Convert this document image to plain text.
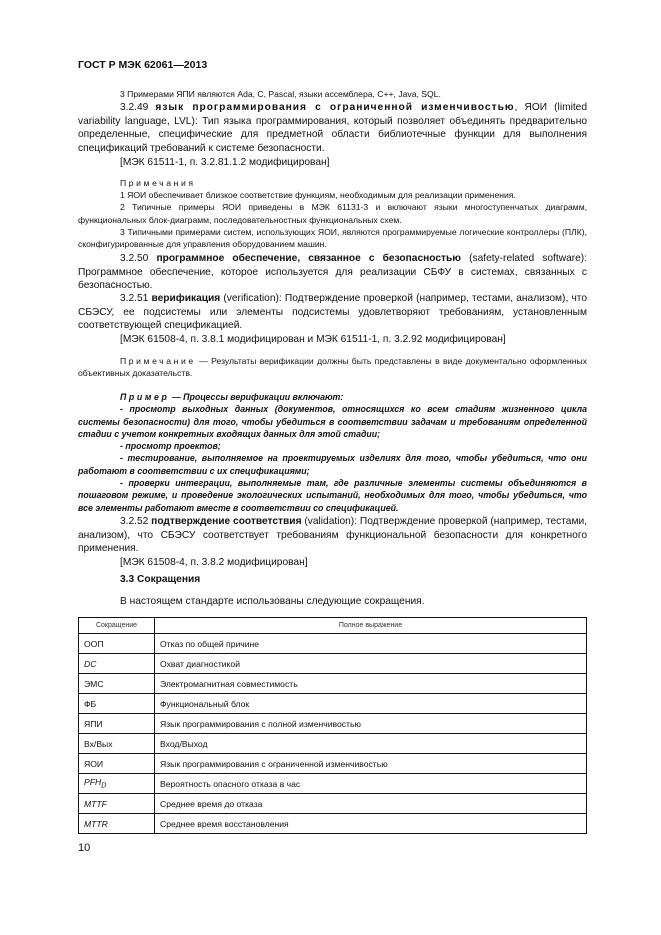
ГОСТ Р МЭК 62061—2013

3 Примерами ЯПИ являются Ada, C, Pascal, языки ассемблера, C++, Java, SQL.

3.2.49 язык программирования с ограниченной изменчивостью, ЯОИ (limited variability language, LVL): Тип языка программирования, который позволяет объединять предварительно определенные, специфические для предметной области библиотечные функции для выполнения спецификаций требований к системе безопасности.

[МЭК 61511-1, п. 3.2.81.1.2 модифицирован]

Примечания

1 ЯОИ обеспечивает близкое соответствие функциям, необходимым для реализации применения.

2 Типичные примеры ЯОИ приведены в МЭК 61131-3 и включают языки многоступенчатых диаграмм, функциональных блок-диаграмм, последовательностных функциональных схем.

3 Типичными примерами систем, использующих ЯОИ, являются программируемые логические контроллеры (ПЛК), сконфигурированные для управления оборудованием машин.

3.2.50 программное обеспечение, связанное с безопасностью (safety-related software): Программное обеспечение, которое используется для реализации СБФУ в системах, связанных с безопасностью.

3.2.51 верификация (verification): Подтверждение проверкой (например, тестами, анализом), что СБЭСУ, ее подсистемы или элементы подсистемы удовлетворяют требованиям, установленным соответствующей спецификацией.

[МЭК 61508-4, п. 3.8.1 модифицирован и МЭК 61511-1, п. 3.2.92 модифицирован]

Примечание — Результаты верификации должны быть представлены в виде документально оформленных объективных доказательств.

Пример — Процессы верификации включают:

- просмотр выходных данных (документов, относящихся ко всем стадиям жизненного цикла системы безопасности) для того, чтобы убедиться в соответствии задачам и требованиям определенной стадии с учетом конкретных входящих данных для этой стадии;

- просмотр проектов;

- тестирование, выполняемое на проектируемых изделиях для того, чтобы убедиться, что они работают в соответствии с их спецификациями;

- проверки интеграции, выполняемые там, где различные элементы системы объединяются в пошаговом режиме, и проведение экологических испытаний, необходимых для того, чтобы убедиться, что все элементы работают вместе в соответствии со спецификацией.

3.2.52 подтверждение соответствия (validation): Подтверждение проверкой (например, тестами, анализом), что СБЭСУ соответствует требованиям функциональной безопасности для конкретного применения.

[МЭК 61508-4, п. 3.8.2 модифицирован]

3.3 Сокращения

В настоящем стандарте использованы следующие сокращения.

Сокращение	Полное выражение
ООП	Отказ по общей причине
DC	Охват диагностикой
ЭМС	Электромагнитная совместимость
ФБ	Функциональный блок
ЯПИ	Язык программирования с полной изменчивостью
Вх/Вых	Вход/Выход
ЯОИ	Язык программирования с ограниченной изменчивостью
$PFH_D$	Вероятность опасного отказа в час
MTTF	Среднее время до отказа
MTTR	Среднее время восстановления
10
